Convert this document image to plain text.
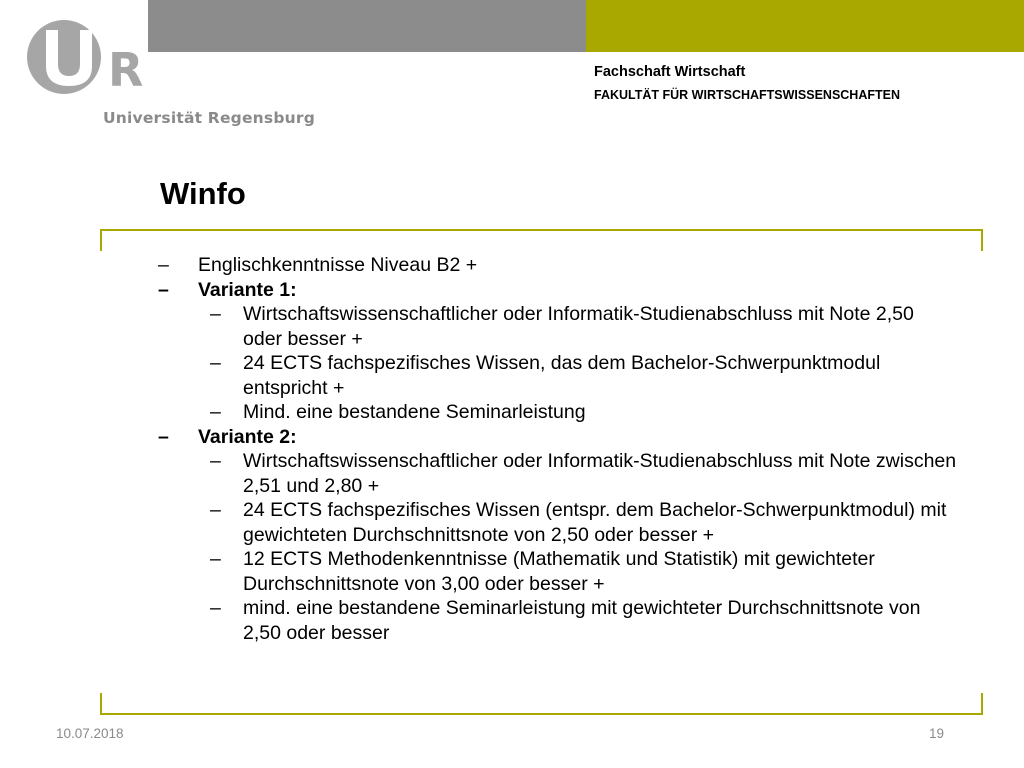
R
Universität Regensburg
Fachschaft Wirtschaft
FAKULTÄT FÜR WIRTSCHAFTSWISSENSCHAFTEN
Winfo
– Englischkenntnisse Niveau B2 +
– Variante 1:
– Wirtschaftswissenschaftlicher oder Informatik-Studienabschluss mit Note 2,50 oder besser +
– 24 ECTS fachspezifisches Wissen, das dem Bachelor-Schwerpunktmodul entspricht +
– Mind. eine bestandene Seminarleistung
– Variante 2:
– Wirtschaftswissenschaftlicher oder Informatik-Studienabschluss mit Note zwischen 2,51 und 2,80 +
– 24 ECTS fachspezifisches Wissen (entspr. dem Bachelor-Schwerpunktmodul) mit gewichteten Durchschnittsnote von 2,50 oder besser +
– 12 ECTS Methodenkenntnisse (Mathematik und Statistik) mit gewichteter Durchschnittsnote von 3,00 oder besser +
– mind. eine bestandene Seminarleistung mit gewichteter Durchschnittsnote von 2,50 oder besser
10.07.2018	19
